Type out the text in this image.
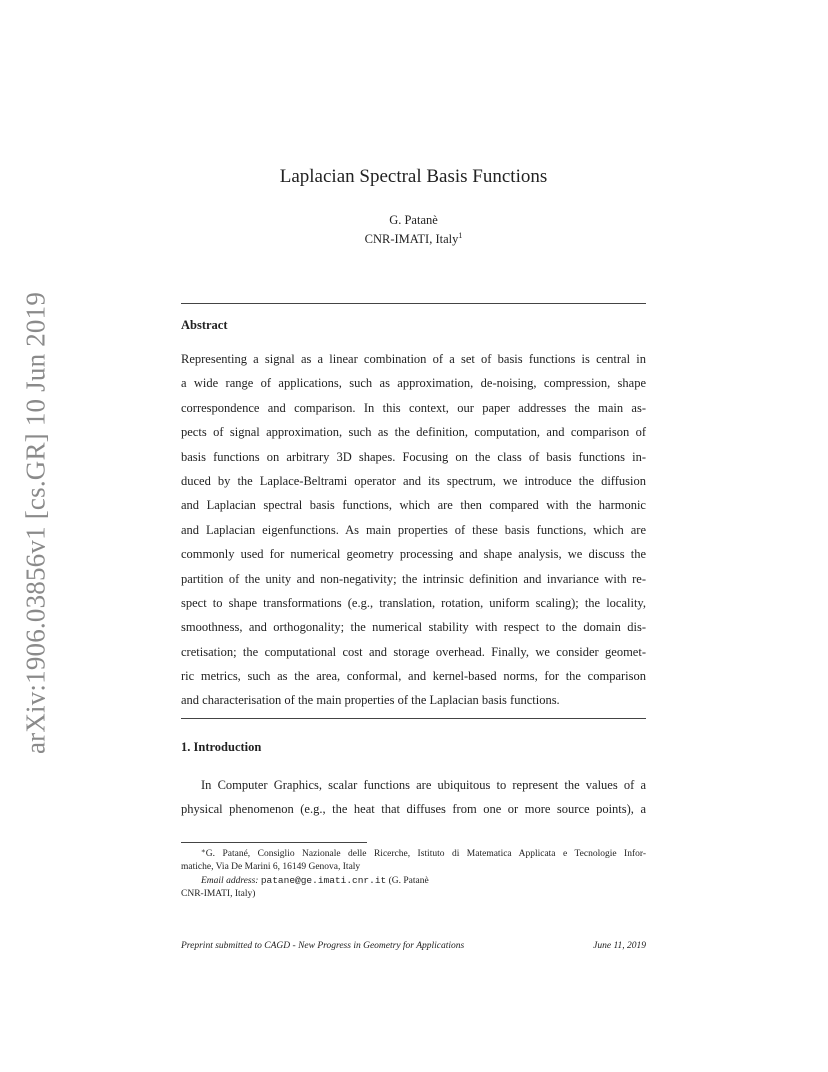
arXiv:1906.03856v1 [cs.GR] 10 Jun 2019
Laplacian Spectral Basis Functions
G. Patanè
CNR-IMATI, Italy$^1$
Abstract
Representing a signal as a linear combination of a set of basis functions is central in
a wide range of applications, such as approximation, de-noising, compression, shape
correspondence and comparison. In this context, our paper addresses the main as-
pects of signal approximation, such as the definition, computation, and comparison of
basis functions on arbitrary 3D shapes. Focusing on the class of basis functions in-
duced by the Laplace-Beltrami operator and its spectrum, we introduce the diffusion
and Laplacian spectral basis functions, which are then compared with the harmonic
and Laplacian eigenfunctions. As main properties of these basis functions, which are
commonly used for numerical geometry processing and shape analysis, we discuss the
partition of the unity and non-negativity; the intrinsic definition and invariance with re-
spect to shape transformations (e.g., translation, rotation, uniform scaling); the locality,
smoothness, and orthogonality; the numerical stability with respect to the domain dis-
cretisation; the computational cost and storage overhead. Finally, we consider geomet-
ric metrics, such as the area, conformal, and kernel-based norms, for the comparison
and characterisation of the main properties of the Laplacian basis functions.
1. Introduction
In Computer Graphics, scalar functions are ubiquitous to represent the values of a
physical phenomenon (e.g., the heat that diffuses from one or more source points), a
∗G. Patané, Consiglio Nazionale delle Ricerche, Istituto di Matematica Applicata e Tecnologie Infor-
matiche, Via De Marini 6, 16149 Genova, Italy
Email address: patane@ge.imati.cnr.it (G. Patanè
CNR-IMATI, Italy)
Preprint submitted to CAGD - New Progress in Geometry for Applications	June 11, 2019
